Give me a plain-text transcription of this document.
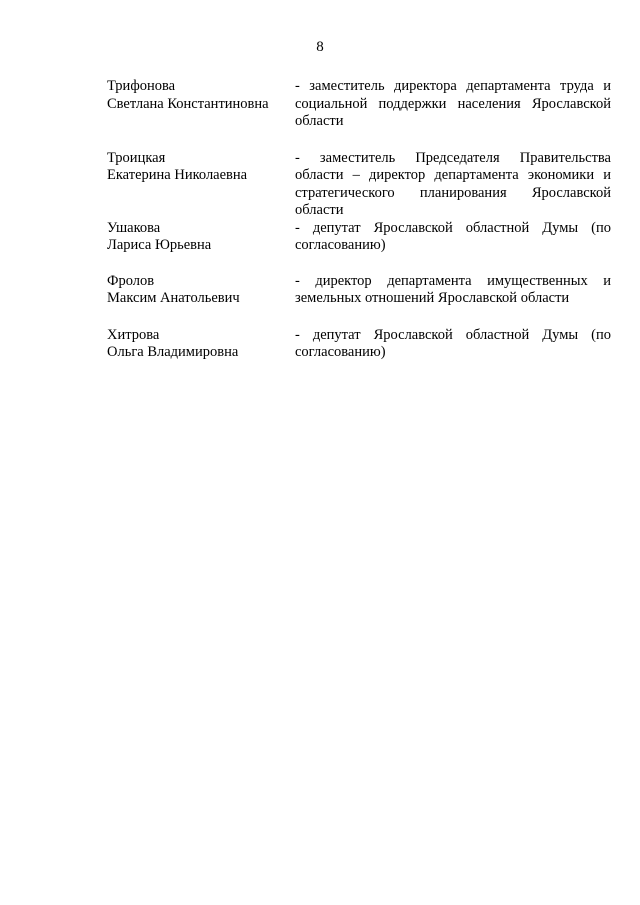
8
Трифонова
Светлана Константиновна
- заместитель директора департамента труда и социальной поддержки населения Ярославской области
Троицкая
Екатерина Николаевна
- заместитель Председателя Правительства области – директор департамента экономики и стратегического планирования Ярославской области
Ушакова
Лариса Юрьевна
- депутат Ярославской областной Думы (по согласованию)
Фролов
Максим Анатольевич
- директор департамента имущественных и земельных отношений Ярославской области
Хитрова
Ольга Владимировна
- депутат Ярославской областной Думы (по согласованию)
